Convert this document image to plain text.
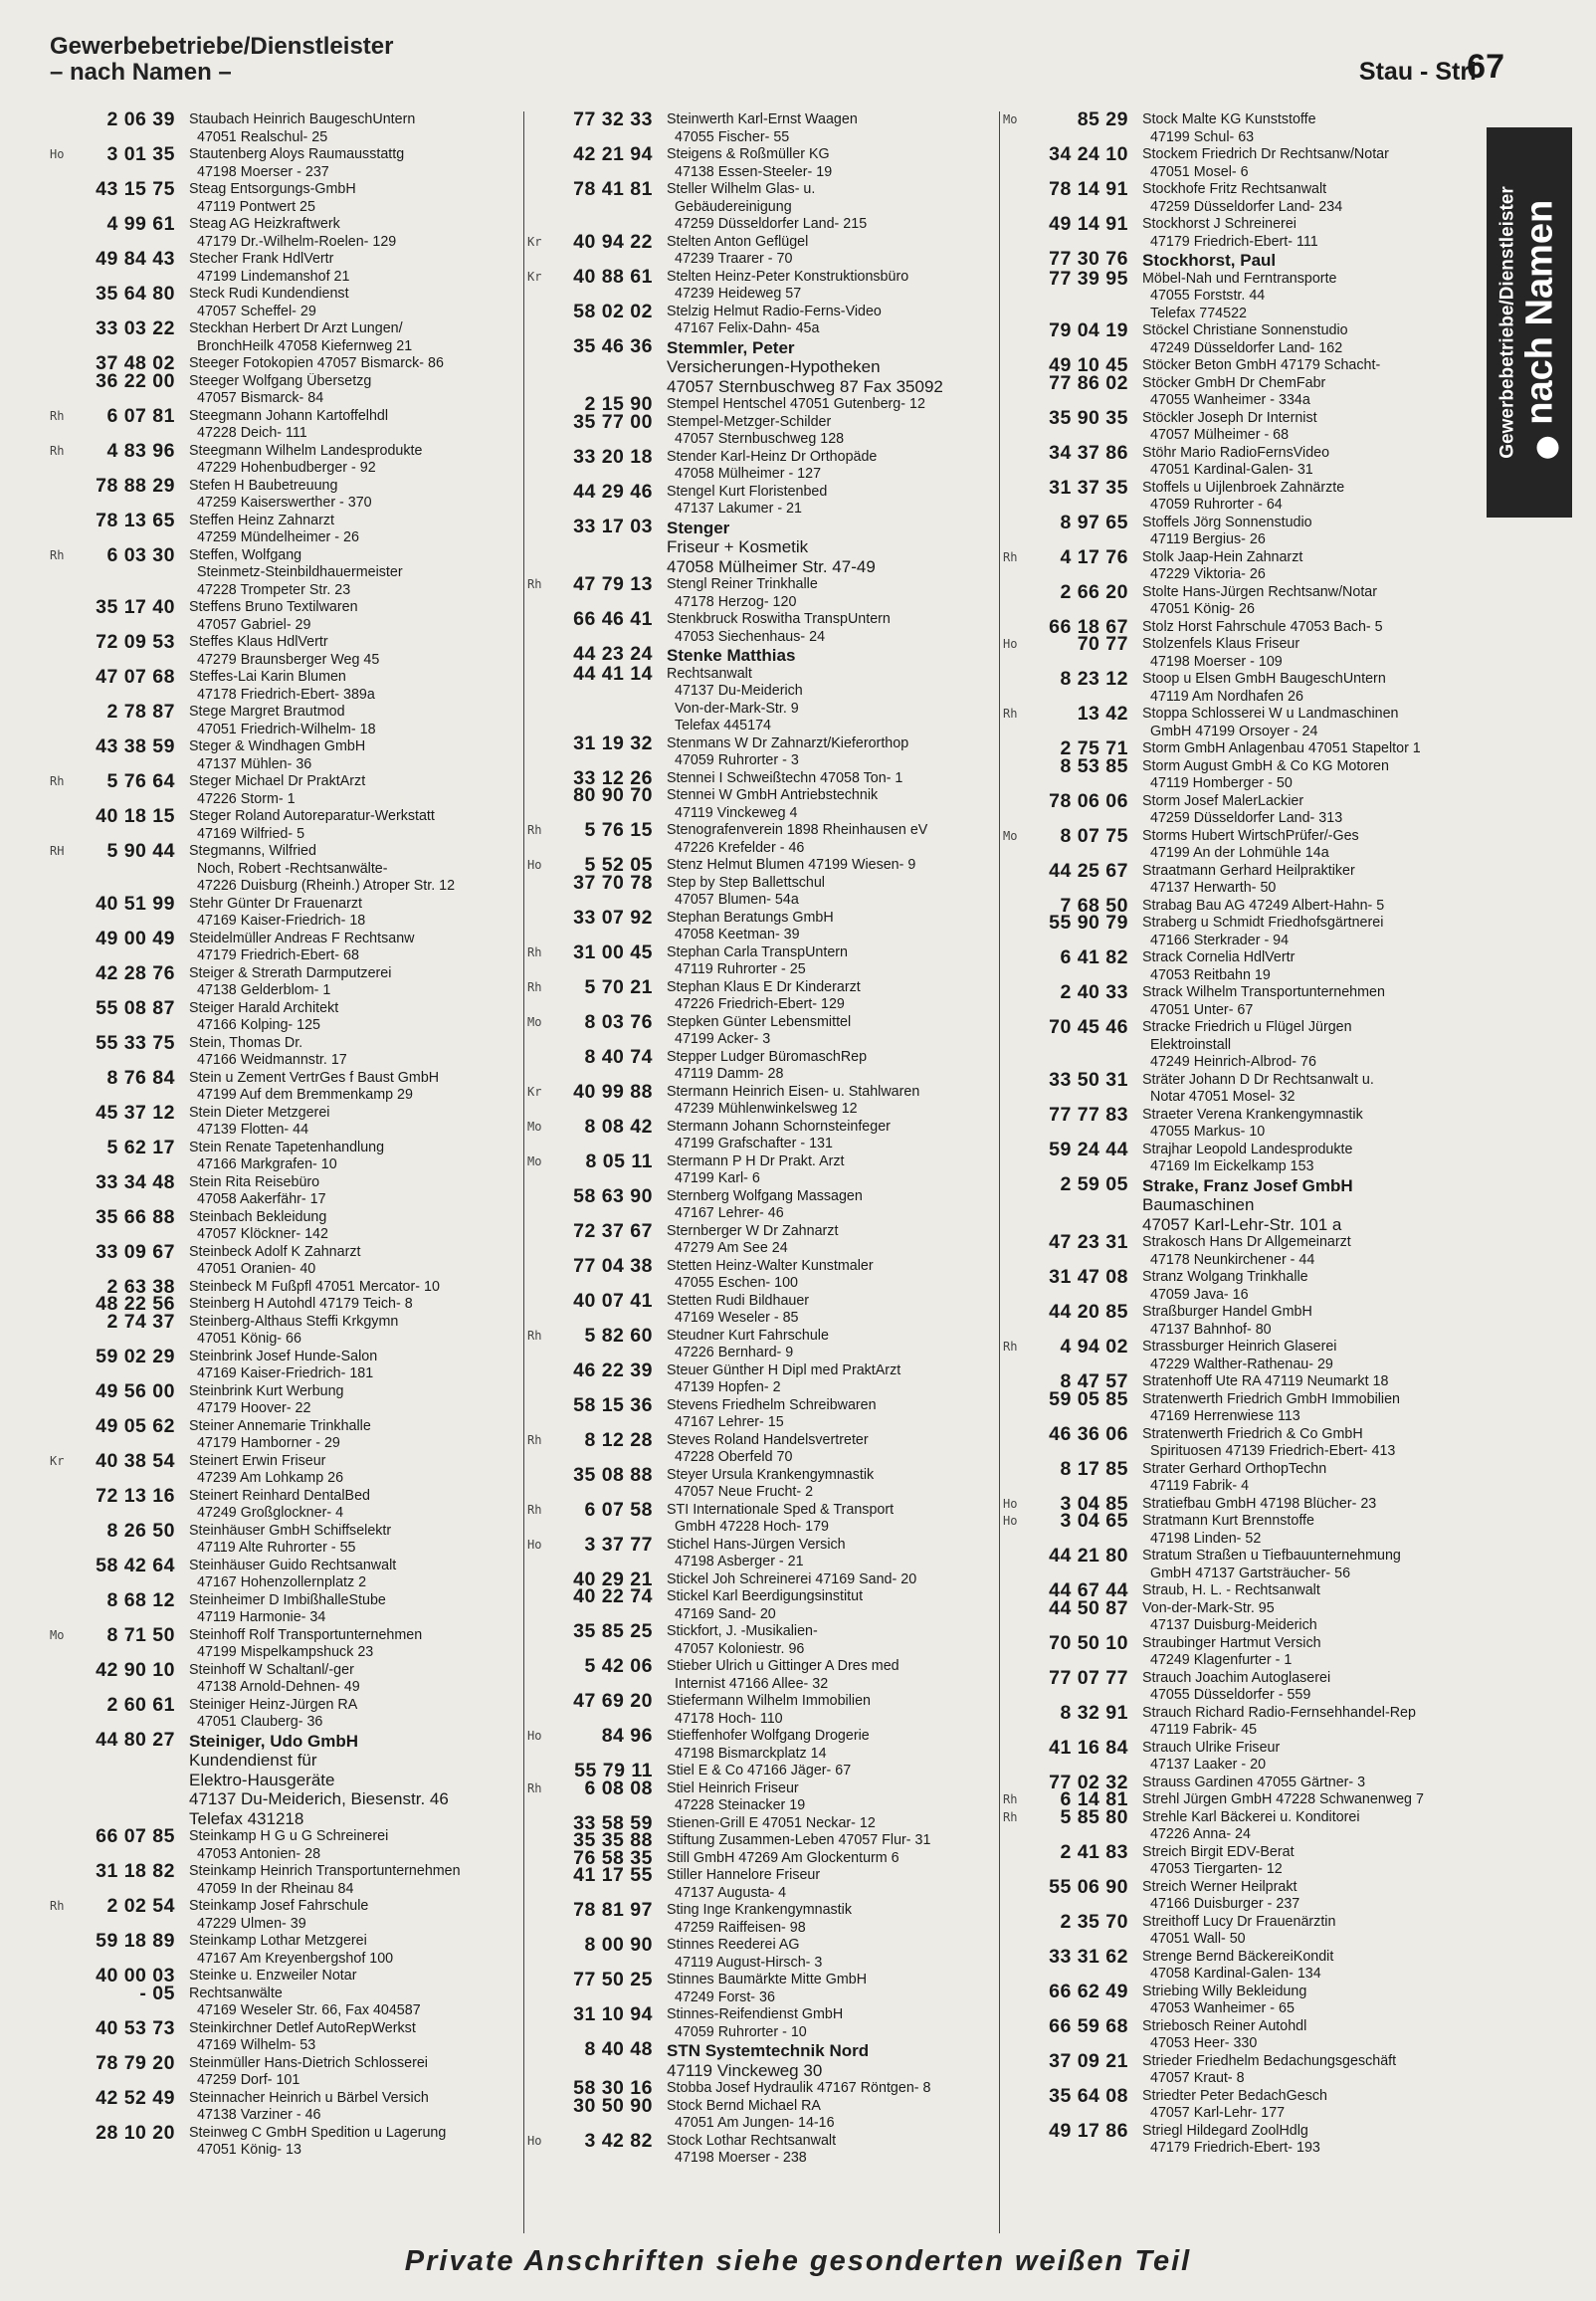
Gewerbebetriebe/Dienstleister
– nach Namen –	Stau - Stri
67
2 06 39 Staubach Heinrich BaugeschUntern
47051 Realschul- 25
Ho	3 01 35 Stautenberg Aloys Raumausstattg
47198 Moerser - 237
43 15 75 Steag Entsorgungs-GmbH
47119 Pontwert 25
4 99 61 Steag AG Heizkraftwerk
47179 Dr.-Wilhelm-Roelen- 129
49 84 43 Stecher Frank HdlVertr
47199 Lindemanshof 21
35 64 80 Steck Rudi Kundendienst
47057 Scheffel- 29
33 03 22 Steckhan Herbert Dr Arzt Lungen/
BronchHeilk 47058 Kiefernweg 21
37 48 02 Steeger Fotokopien 47057 Bismarck- 86
36 22 00 Steeger Wolfgang Übersetzg
47057 Bismarck- 84
Rh	6 07 81 Steegmann Johann Kartoffelhdl
47228 Deich- 111
Rh	4 83 96 Steegmann Wilhelm Landesprodukte
47229 Hohenbudberger - 92
78 88 29 Stefen H Baubetreuung
47259 Kaiserswerther - 370
78 13 65 Steffen Heinz Zahnarzt
47259 Mündelheimer - 26
Rh	6 03 30 Steffen, Wolfgang
Steinmetz-Steinbildhauermeister
47228 Trompeter Str. 23
35 17 40 Steffens Bruno Textilwaren
47057 Gabriel- 29
72 09 53 Steffes Klaus HdlVertr
47279 Braunsberger Weg 45
47 07 68 Steffes-Lai Karin Blumen
47178 Friedrich-Ebert- 389a
2 78 87 Stege Margret Brautmod
47051 Friedrich-Wilhelm- 18
43 38 59 Steger & Windhagen GmbH
47137 Mühlen- 36
Rh	5 76 64 Steger Michael Dr PraktArzt
47226 Storm- 1
40 18 15 Steger Roland Autoreparatur-Werkstatt
47169 Wilfried- 5
RH	5 90 44 Stegmanns, Wilfried
Noch, Robert -Rechtsanwälte-
47226 Duisburg (Rheinh.) Atroper Str. 12
40 51 99 Stehr Günter Dr Frauenarzt
47169 Kaiser-Friedrich- 18
49 00 49 Steidelmüller Andreas F Rechtsanw
47179 Friedrich-Ebert- 68
42 28 76 Steiger & Strerath Darmputzerei
47138 Gelderblom- 1
55 08 87 Steiger Harald Architekt
47166 Kolping- 125
55 33 75 Stein, Thomas Dr.
47166 Weidmannstr. 17
8 76 84 Stein u Zement VertrGes f Baust GmbH
47199 Auf dem Bremmenkamp 29
45 37 12 Stein Dieter Metzgerei
47139 Flotten- 44
5 62 17 Stein Renate Tapetenhandlung
47166 Markgrafen- 10
33 34 48 Stein Rita Reisebüro
47058 Aakerfähr- 17
35 66 88 Steinbach Bekleidung
47057 Klöckner- 142
33 09 67 Steinbeck Adolf K Zahnarzt
47051 Oranien- 40
2 63 38 Steinbeck M Fußpfl 47051 Mercator- 10
48 22 56 Steinberg H Autohdl 47179 Teich- 8
2 74 37 Steinberg-Althaus Steffi Krkgymn
47051 König- 66
59 02 29 Steinbrink Josef Hunde-Salon
47169 Kaiser-Friedrich- 181
49 56 00 Steinbrink Kurt Werbung
47179 Hoover- 22
49 05 62 Steiner Annemarie Trinkhalle
47179 Hamborner - 29
Kr	40 38 54 Steinert Erwin Friseur
47239 Am Lohkamp 26
72 13 16 Steinert Reinhard DentalBed
47249 Großglockner- 4
8 26 50 Steinhäuser GmbH Schiffselektr
47119 Alte Ruhrorter - 55
58 42 64 Steinhäuser Guido Rechtsanwalt
47167 Hohenzollernplatz 2
8 68 12 Steinheimer D ImbißhalleStube
47119 Harmonie- 34
Mo	8 71 50 Steinhoff Rolf Transportunternehmen
47199 Mispelkampshuck 23
42 90 10 Steinhoff W Schaltanl/-ger
47138 Arnold-Dehnen- 49
2 60 61 Steiniger Heinz-Jürgen RA
47051 Clauberg- 36
44 80 27 Steiniger, Udo GmbH
Kundendienst für
Elektro-Hausgeräte
47137 Du-Meiderich, Biesenstr. 46
Telefax 431218
66 07 85 Steinkamp H G u G Schreinerei
47053 Antonien- 28
31 18 82 Steinkamp Heinrich Transportunternehmen
47059 In der Rheinau 84
Rh	2 02 54 Steinkamp Josef Fahrschule
47229 Ulmen- 39
59 18 89 Steinkamp Lothar Metzgerei
47167 Am Kreyenbergshof 100
40 00 03 Steinke u. Enzweiler Notar
- 05 Rechtsanwälte
47169 Weseler Str. 66, Fax 404587
40 53 73 Steinkirchner Detlef AutoRepWerkst
47169 Wilhelm- 53
78 79 20 Steinmüller Hans-Dietrich Schlosserei
47259 Dorf- 101
42 52 49 Steinnacher Heinrich u Bärbel Versich
47138 Varziner - 46
28 10 20 Steinweg C GmbH Spedition u Lagerung
47051 König- 13
77 32 33 Steinwerth Karl-Ernst Waagen
47055 Fischer- 55
42 21 94 Steigens & Roßmüller KG
47138 Essen-Steeler- 19
78 41 81 Steller Wilhelm Glas- u.
Gebäudereinigung
47259 Düsseldorfer Land- 215
Kr	40 94 22 Stelten Anton Geflügel
47239 Traarer - 70
Kr	40 88 61 Stelten Heinz-Peter Konstruktionsbüro
47239 Heideweg 57
58 02 02 Stelzig Helmut Radio-Ferns-Video
47167 Felix-Dahn- 45a
35 46 36 Stemmler, Peter
Versicherungen-Hypotheken
47057 Sternbuschweg 87 Fax 35092
2 15 90 Stempel Hentschel 47051 Gutenberg- 12
35 77 00 Stempel-Metzger-Schilder
47057 Sternbuschweg 128
33 20 18 Stender Karl-Heinz Dr Orthopäde
47058 Mülheimer - 127
44 29 46 Stengel Kurt Floristenbed
47137 Lakumer - 21
33 17 03 Stenger
Friseur + Kosmetik
47058 Mülheimer Str. 47-49
Rh	47 79 13 Stengl Reiner Trinkhalle
47178 Herzog- 120
66 46 41 Stenkbruck Roswitha TranspUntern
47053 Siechenhaus- 24
44 23 24 Stenke Matthias
44 41 14 Rechtsanwalt
47137 Du-Meiderich
Von-der-Mark-Str. 9
Telefax 445174
31 19 32 Stenmans W Dr Zahnarzt/Kieferorthop
47059 Ruhrorter - 3
33 12 26 Stennei I Schweißtechn 47058 Ton- 1
80 90 70 Stennei W GmbH Antriebstechnik
47119 Vinckeweg 4
Rh	5 76 15 Stenografenverein 1898 Rheinhausen eV
47226 Krefelder - 46
Ho	5 52 05 Stenz Helmut Blumen 47199 Wiesen- 9
37 70 78 Step by Step Ballettschul
47057 Blumen- 54a
33 07 92 Stephan Beratungs GmbH
47058 Keetman- 39
Rh	31 00 45 Stephan Carla TranspUntern
47119 Ruhrorter - 25
Rh	5 70 21 Stephan Klaus E Dr Kinderarzt
47226 Friedrich-Ebert- 129
Mo	8 03 76 Stepken Günter Lebensmittel
47199 Acker- 3
8 40 74 Stepper Ludger BüromaschRep
47119 Damm- 28
Kr	40 99 88 Stermann Heinrich Eisen- u. Stahlwaren
47239 Mühlenwinkelsweg 12
Mo	8 08 42 Stermann Johann Schornsteinfeger
47199 Grafschafter - 131
Mo	8 05 11 Stermann P H Dr Prakt. Arzt
47199 Karl- 6
58 63 90 Sternberg Wolfgang Massagen
47167 Lehrer- 46
72 37 67 Sternberger W Dr Zahnarzt
47279 Am See 24
77 04 38 Stetten Heinz-Walter Kunstmaler
47055 Eschen- 100
40 07 41 Stetten Rudi Bildhauer
47169 Weseler - 85
Rh	5 82 60 Steudner Kurt Fahrschule
47226 Bernhard- 9
46 22 39 Steuer Günther H Dipl med PraktArzt
47139 Hopfen- 2
58 15 36 Stevens Friedhelm Schreibwaren
47167 Lehrer- 15
Rh	8 12 28 Steves Roland Handelsvertreter
47228 Oberfeld 70
35 08 88 Steyer Ursula Krankengymnastik
47057 Neue Frucht- 2
Rh	6 07 58 STI Internationale Sped & Transport
GmbH 47228 Hoch- 179
Ho	3 37 77 Stichel Hans-Jürgen Versich
47198 Asberger - 21
40 29 21 Stickel Joh Schreinerei 47169 Sand- 20
40 22 74 Stickel Karl Beerdigungsinstitut
47169 Sand- 20
35 85 25 Stickfort, J. -Musikalien-
47057 Koloniestr. 96
5 42 06 Stieber Ulrich u Gittinger A Dres med
Internist 47166 Allee- 32
47 69 20 Stiefermann Wilhelm Immobilien
47178 Hoch- 110
Ho	84 96 Stieffenhofer Wolfgang Drogerie
47198 Bismarckplatz 14
55 79 11 Stiel E & Co 47166 Jäger- 67
Rh	6 08 08 Stiel Heinrich Friseur
47228 Steinacker 19
33 58 59 Stienen-Grill E 47051 Neckar- 12
35 35 88 Stiftung Zusammen-Leben 47057 Flur- 31
76 58 35 Still GmbH 47269 Am Glockenturm 6
41 17 55 Stiller Hannelore Friseur
47137 Augusta- 4
78 81 97 Sting Inge Krankengymnastik
47259 Raiffeisen- 98
8 00 90 Stinnes Reederei AG
47119 August-Hirsch- 3
77 50 25 Stinnes Baumärkte Mitte GmbH
47249 Forst- 36
31 10 94 Stinnes-Reifendienst GmbH
47059 Ruhrorter - 10
8 40 48 STN Systemtechnik Nord
47119 Vinckeweg 30
58 30 16 Stobba Josef Hydraulik 47167 Röntgen- 8
30 50 90 Stock Bernd Michael RA
47051 Am Jungen- 14-16
Ho	3 42 82 Stock Lothar Rechtsanwalt
47198 Moerser - 238
Mo	85 29 Stock Malte KG Kunststoffe
47199 Schul- 63
34 24 10 Stockem Friedrich Dr Rechtsanw/Notar
47051 Mosel- 6
78 14 91 Stockhofe Fritz Rechtsanwalt
47259 Düsseldorfer Land- 234
49 14 91 Stockhorst J Schreinerei
47179 Friedrich-Ebert- 111
77 30 76 Stockhorst, Paul
77 39 95 Möbel-Nah und Ferntransporte
47055 Forststr. 44
Telefax 774522
79 04 19 Stöckel Christiane Sonnenstudio
47249 Düsseldorfer Land- 162
49 10 45 Stöcker Beton GmbH 47179 Schacht-
77 86 02 Stöcker GmbH Dr ChemFabr
47055 Wanheimer - 334a
35 90 35 Stöckler Joseph Dr Internist
47057 Mülheimer - 68
34 37 86 Stöhr Mario RadioFernsVideo
47051 Kardinal-Galen- 31
31 37 35 Stoffels u Uijlenbroek Zahnärzte
47059 Ruhrorter - 64
8 97 65 Stoffels Jörg Sonnenstudio
47119 Bergius- 26
Rh	4 17 76 Stolk Jaap-Hein Zahnarzt
47229 Viktoria- 26
2 66 20 Stolte Hans-Jürgen Rechtsanw/Notar
47051 König- 26
66 18 67 Stolz Horst Fahrschule 47053 Bach- 5
Ho	70 77 Stolzenfels Klaus Friseur
47198 Moerser - 109
8 23 12 Stoop u Elsen GmbH BaugeschUntern
47119 Am Nordhafen 26
Rh	13 42 Stoppa Schlosserei W u Landmaschinen
GmbH 47199 Orsoyer - 24
2 75 71 Storm GmbH Anlagenbau 47051 Stapeltor 1
8 53 85 Storm August GmbH & Co KG Motoren
47119 Homberger - 50
78 06 06 Storm Josef MalerLackier
47259 Düsseldorfer Land- 313
Mo	8 07 75 Storms Hubert WirtschPrüfer/-Ges
47199 An der Lohmühle 14a
44 25 67 Straatmann Gerhard Heilpraktiker
47137 Herwarth- 50
7 68 50 Strabag Bau AG 47249 Albert-Hahn- 5
55 90 79 Straberg u Schmidt Friedhofsgärtnerei
47166 Sterkrader - 94
6 41 82 Strack Cornelia HdlVertr
47053 Reitbahn 19
2 40 33 Strack Wilhelm Transportunternehmen
47051 Unter- 67
70 45 46 Stracke Friedrich u Flügel Jürgen
Elektroinstall
47249 Heinrich-Albrod- 76
33 50 31 Sträter Johann D Dr Rechtsanwalt u.
Notar 47051 Mosel- 32
77 77 83 Straeter Verena Krankengymnastik
47055 Markus- 10
59 24 44 Strajhar Leopold Landesprodukte
47169 Im Eickelkamp 153
2 59 05 Strake, Franz Josef GmbH
Baumaschinen
47057 Karl-Lehr-Str. 101 a
47 23 31 Strakosch Hans Dr Allgemeinarzt
47178 Neunkirchener - 44
31 47 08 Stranz Wolgang Trinkhalle
47059 Java- 16
44 20 85 Straßburger Handel GmbH
47137 Bahnhof- 80
Rh	4 94 02 Strassburger Heinrich Glaserei
47229 Walther-Rathenau- 29
8 47 57 Stratenhoff Ute RA 47119 Neumarkt 18
59 05 85 Stratenwerth Friedrich GmbH Immobilien
47169 Herrenwiese 113
46 36 06 Stratenwerth Friedrich & Co GmbH
Spirituosen 47139 Friedrich-Ebert- 413
8 17 85 Strater Gerhard OrthopTechn
47119 Fabrik- 4
Ho	3 04 85 Stratiefbau GmbH 47198 Blücher- 23
Ho	3 04 65 Stratmann Kurt Brennstoffe
47198 Linden- 52
44 21 80 Stratum Straßen u Tiefbauunternehmung
GmbH 47137 Gartsträucher- 56
44 67 44 Straub, H. L. - Rechtsanwalt
44 50 87 Von-der-Mark-Str. 95
47137 Duisburg-Meiderich
70 50 10 Straubinger Hartmut Versich
47249 Klagenfurter - 1
77 07 77 Strauch Joachim Autoglaserei
47055 Düsseldorfer - 559
8 32 91 Strauch Richard Radio-Fernsehhandel-Rep
47119 Fabrik- 45
41 16 84 Strauch Ulrike Friseur
47137 Laaker - 20
77 02 32 Strauss Gardinen 47055 Gärtner- 3
Rh	6 14 81 Strehl Jürgen GmbH 47228 Schwanenweg 7
Rh	5 85 80 Strehle Karl Bäckerei u. Konditorei
47226 Anna- 24
2 41 83 Streich Birgit EDV-Berat
47053 Tiergarten- 12
55 06 90 Streich Werner Heilprakt
47166 Duisburger - 237
2 35 70 Streithoff Lucy Dr Frauenärztin
47051 Wall- 50
33 31 62 Strenge Bernd BäckereiKondit
47058 Kardinal-Galen- 134
66 62 49 Striebing Willy Bekleidung
47053 Wanheimer - 65
66 59 68 Striebosch Reiner Autohdl
47053 Heer- 330
37 09 21 Strieder Friedhelm Bedachungsgeschäft
47057 Kraut- 8
35 64 08 Striedter Peter BedachGesch
47057 Karl-Lehr- 177
49 17 86 Striegl Hildegard ZoolHdlg
47179 Friedrich-Ebert- 193
Gewerbebetriebe/Dienstleister nach Namen
Private Anschriften siehe gesonderten weißen Teil
